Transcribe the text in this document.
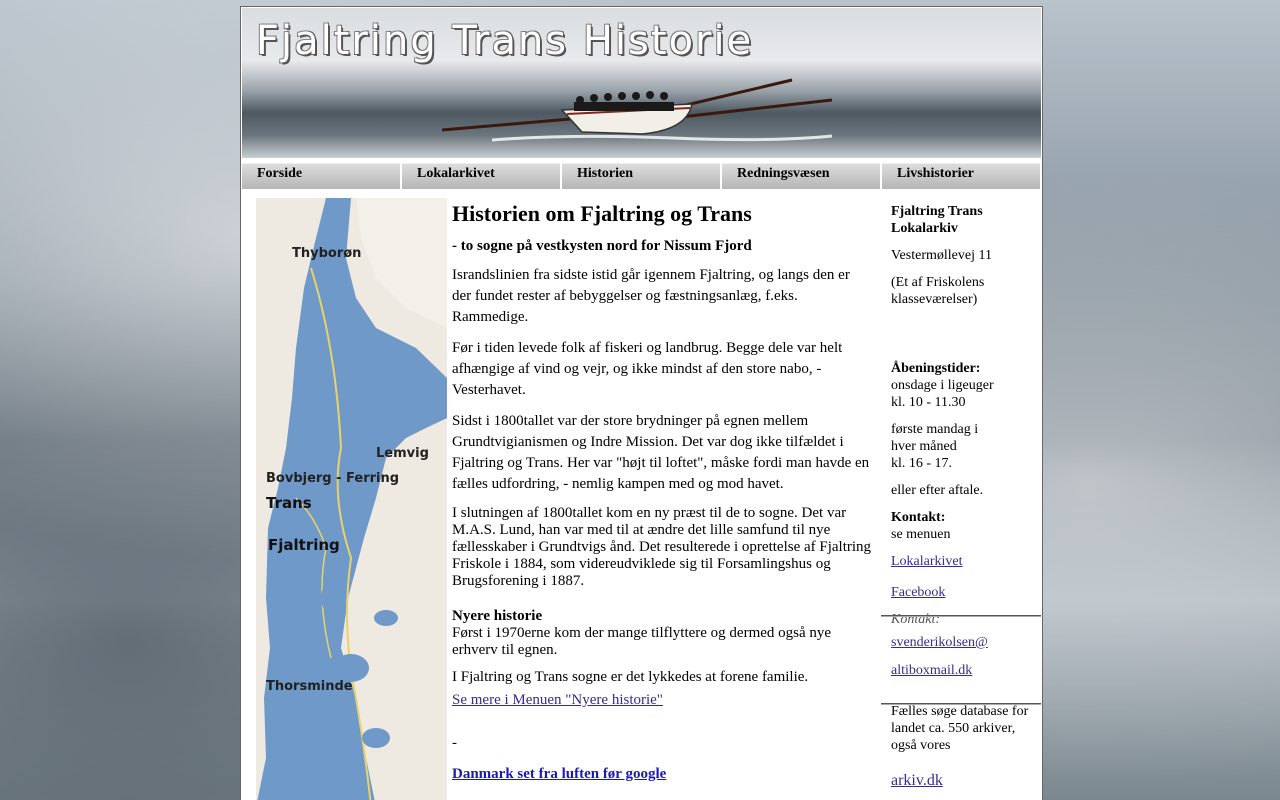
Fjaltring Trans Historie
Forside	Lokalarkivet	Historien	Redningsvæsen	Livshistorier
Thyborøn
Lemvig
Bovbjerg - Ferring
Trans
Fjaltring
Thorsminde
Historien om Fjaltring og Trans
- to sogne på vestkysten nord for Nissum Fjord

Israndslinien fra sidste istid går igennem Fjaltring, og langs den er der fundet rester af bebyggelser og fæstningsanlæg, f.eks. Rammedige.

Før i tiden levede folk af fiskeri og landbrug. Begge dele var helt afhængige af vind og vejr, og ikke mindst af den store nabo, - Vesterhavet.

Sidst i 1800tallet var der store brydninger på egnen mellem Grundtvigianismen og Indre Mission. Det var dog ikke tilfældet i Fjaltring og Trans. Her var "højt til loftet", måske fordi man havde en fælles udfordring, - nemlig kampen med og mod havet.

I slutningen af 1800tallet kom en ny præst til de to sogne. Det var M.A.S. Lund, han var med til at ændre det lille samfund til nye fællesskaber i Grundtvigs ånd. Det resulterede i oprettelse af Fjaltring Friskole i 1884, som videreudviklede sig til Forsamlingshus og Brugsforening i 1887.

Nyere historie

Først i 1970erne kom der mange tilflyttere og dermed også nye erhverv til egnen.

I Fjaltring og Trans sogne er det lykkedes at forene familie.

Se mere i Menuen "Nyere historie"

-

Danmark set fra luften før google

Fjaltring Trans Lokalarkiv

Vestermøllevej 11

(Et af Friskolens klasseværelser)

Åbeningstider:
onsdage i ligeuger

kl. 10 - 11.30

første mandag i
hver måned

kl. 16 - 17.

eller efter aftale.

Kontakt:

se menuen

Lokalarkivet

Facebook

Kontakt:

svenderikolsen@

altiboxmail.dk

Fælles søge database for landet ca. 550 arkiver, også vores

arkiv.dk
